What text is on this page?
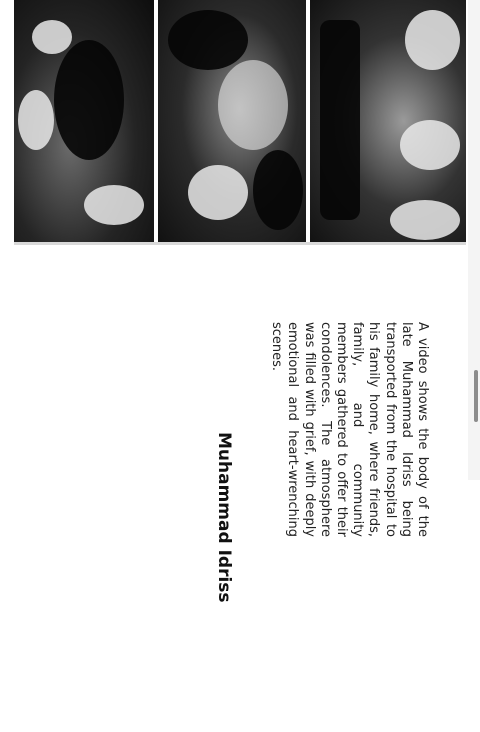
Muhammad Idriss	A video shows the body of the late Muhammad Idriss being transported from the hospital to his family home, where friends, family, and community members gathered to offer their condolences. The atmosphere was filled with grief, with deeply emotional and heart-wrenching scenes.
